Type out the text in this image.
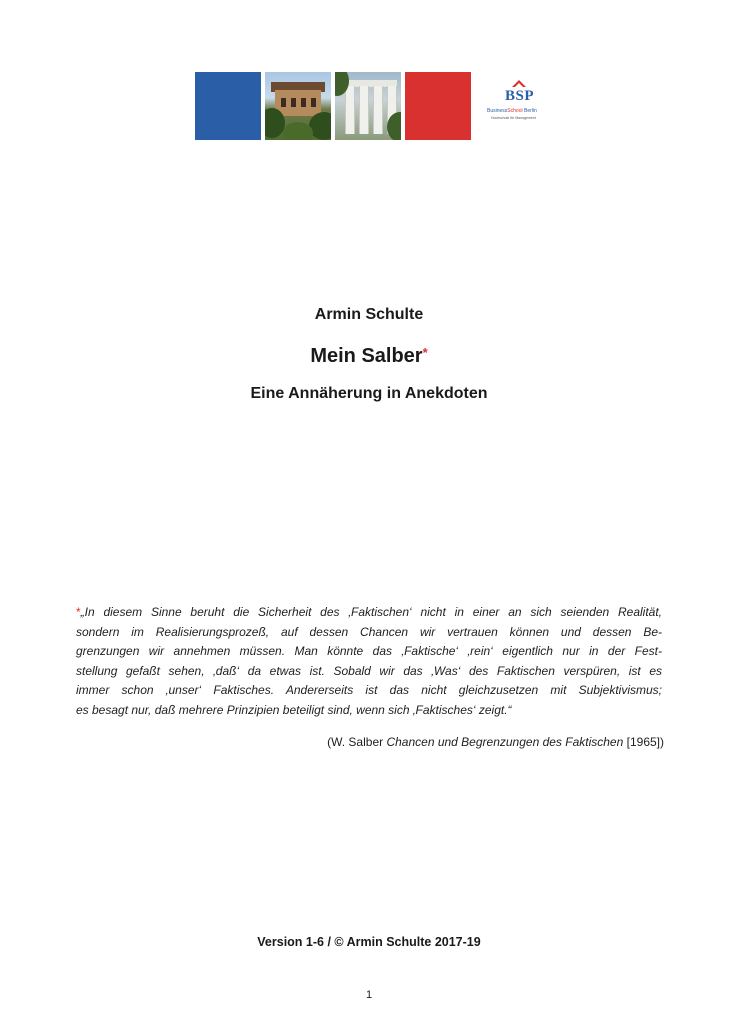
BSP
BusinessSchool Berlin
Hochschule für Management
Armin Schulte
Mein Salber*
Eine Annäherung in Anekdoten
*„In diesem Sinne beruht die Sicherheit des ‚Faktischen‘ nicht in einer an sich seienden Realität,
sondern im Realisierungsprozeß, auf dessen Chancen wir vertrauen können und dessen Be-
grenzungen wir annehmen müssen. Man könnte das ‚Faktische‘ ‚rein‘ eigentlich nur in der Fest-
stellung gefaßt sehen, ‚daß‘ da etwas ist. Sobald wir das ‚Was‘ des Faktischen verspüren, ist es
immer schon ‚unser‘ Faktisches. Andererseits ist das nicht gleichzusetzen mit Subjektivismus;
es besagt nur, daß mehrere Prinzipien beteiligt sind, wenn sich ‚Faktisches‘ zeigt.“
(W. Salber Chancen und Begrenzungen des Faktischen [1965])
Version 1-6 / © Armin Schulte 2017-19
1
